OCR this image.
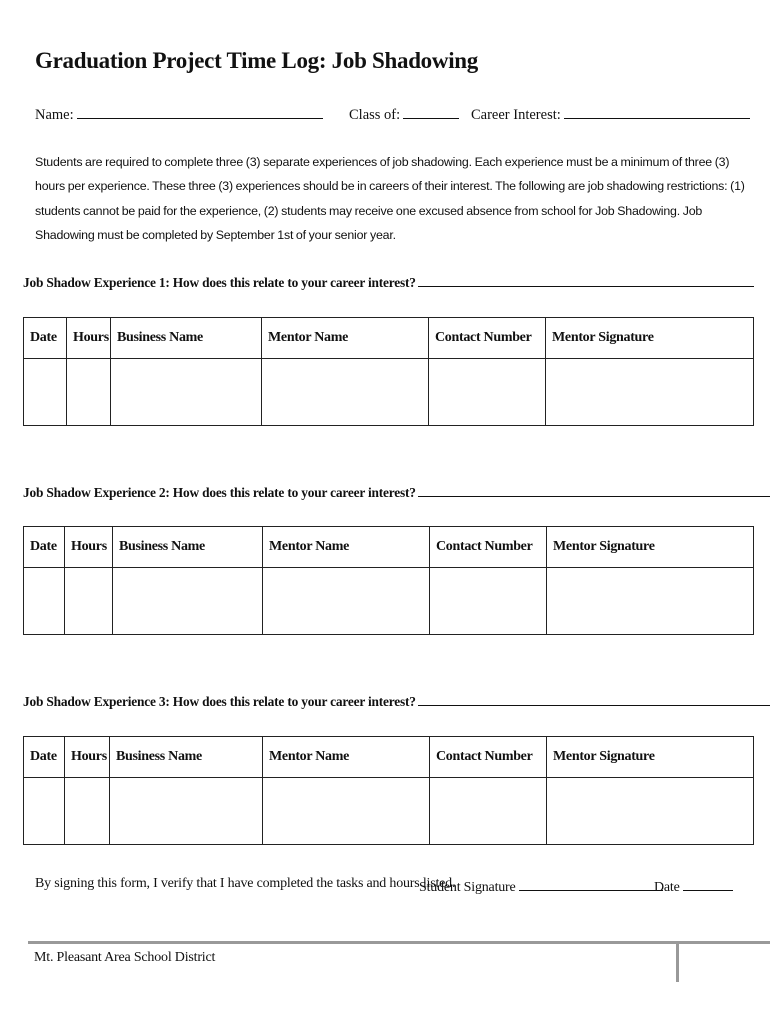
Graduation Project Time Log: Job Shadowing
Name:	Class of:	Career Interest:
Students are required to complete three (3) separate experiences of job shadowing. Each experience must be a minimum of three (3) hours per experience. These three (3) experiences should be in careers of their interest. The following are job shadowing restrictions: (1) students cannot be paid for the experience, (2) students may receive one excused absence from school for Job Shadowing. Job Shadowing must be completed by September 1st of your senior year.
Job Shadow Experience 1: How does this relate to your career interest?
Date	Hours	Business Name	Mentor Name	Contact Number	Mentor Signature

Job Shadow Experience 2: How does this relate to your career interest?
Date	Hours	Business Name	Mentor Name	Contact Number	Mentor Signature

Job Shadow Experience 3: How does this relate to your career interest?
Date	Hours	Business Name	Mentor Name	Contact Number	Mentor Signature

By signing this form, I verify that I have completed the tasks and hours listed.
Student Signature	Date
Mt. Pleasant Area School District
